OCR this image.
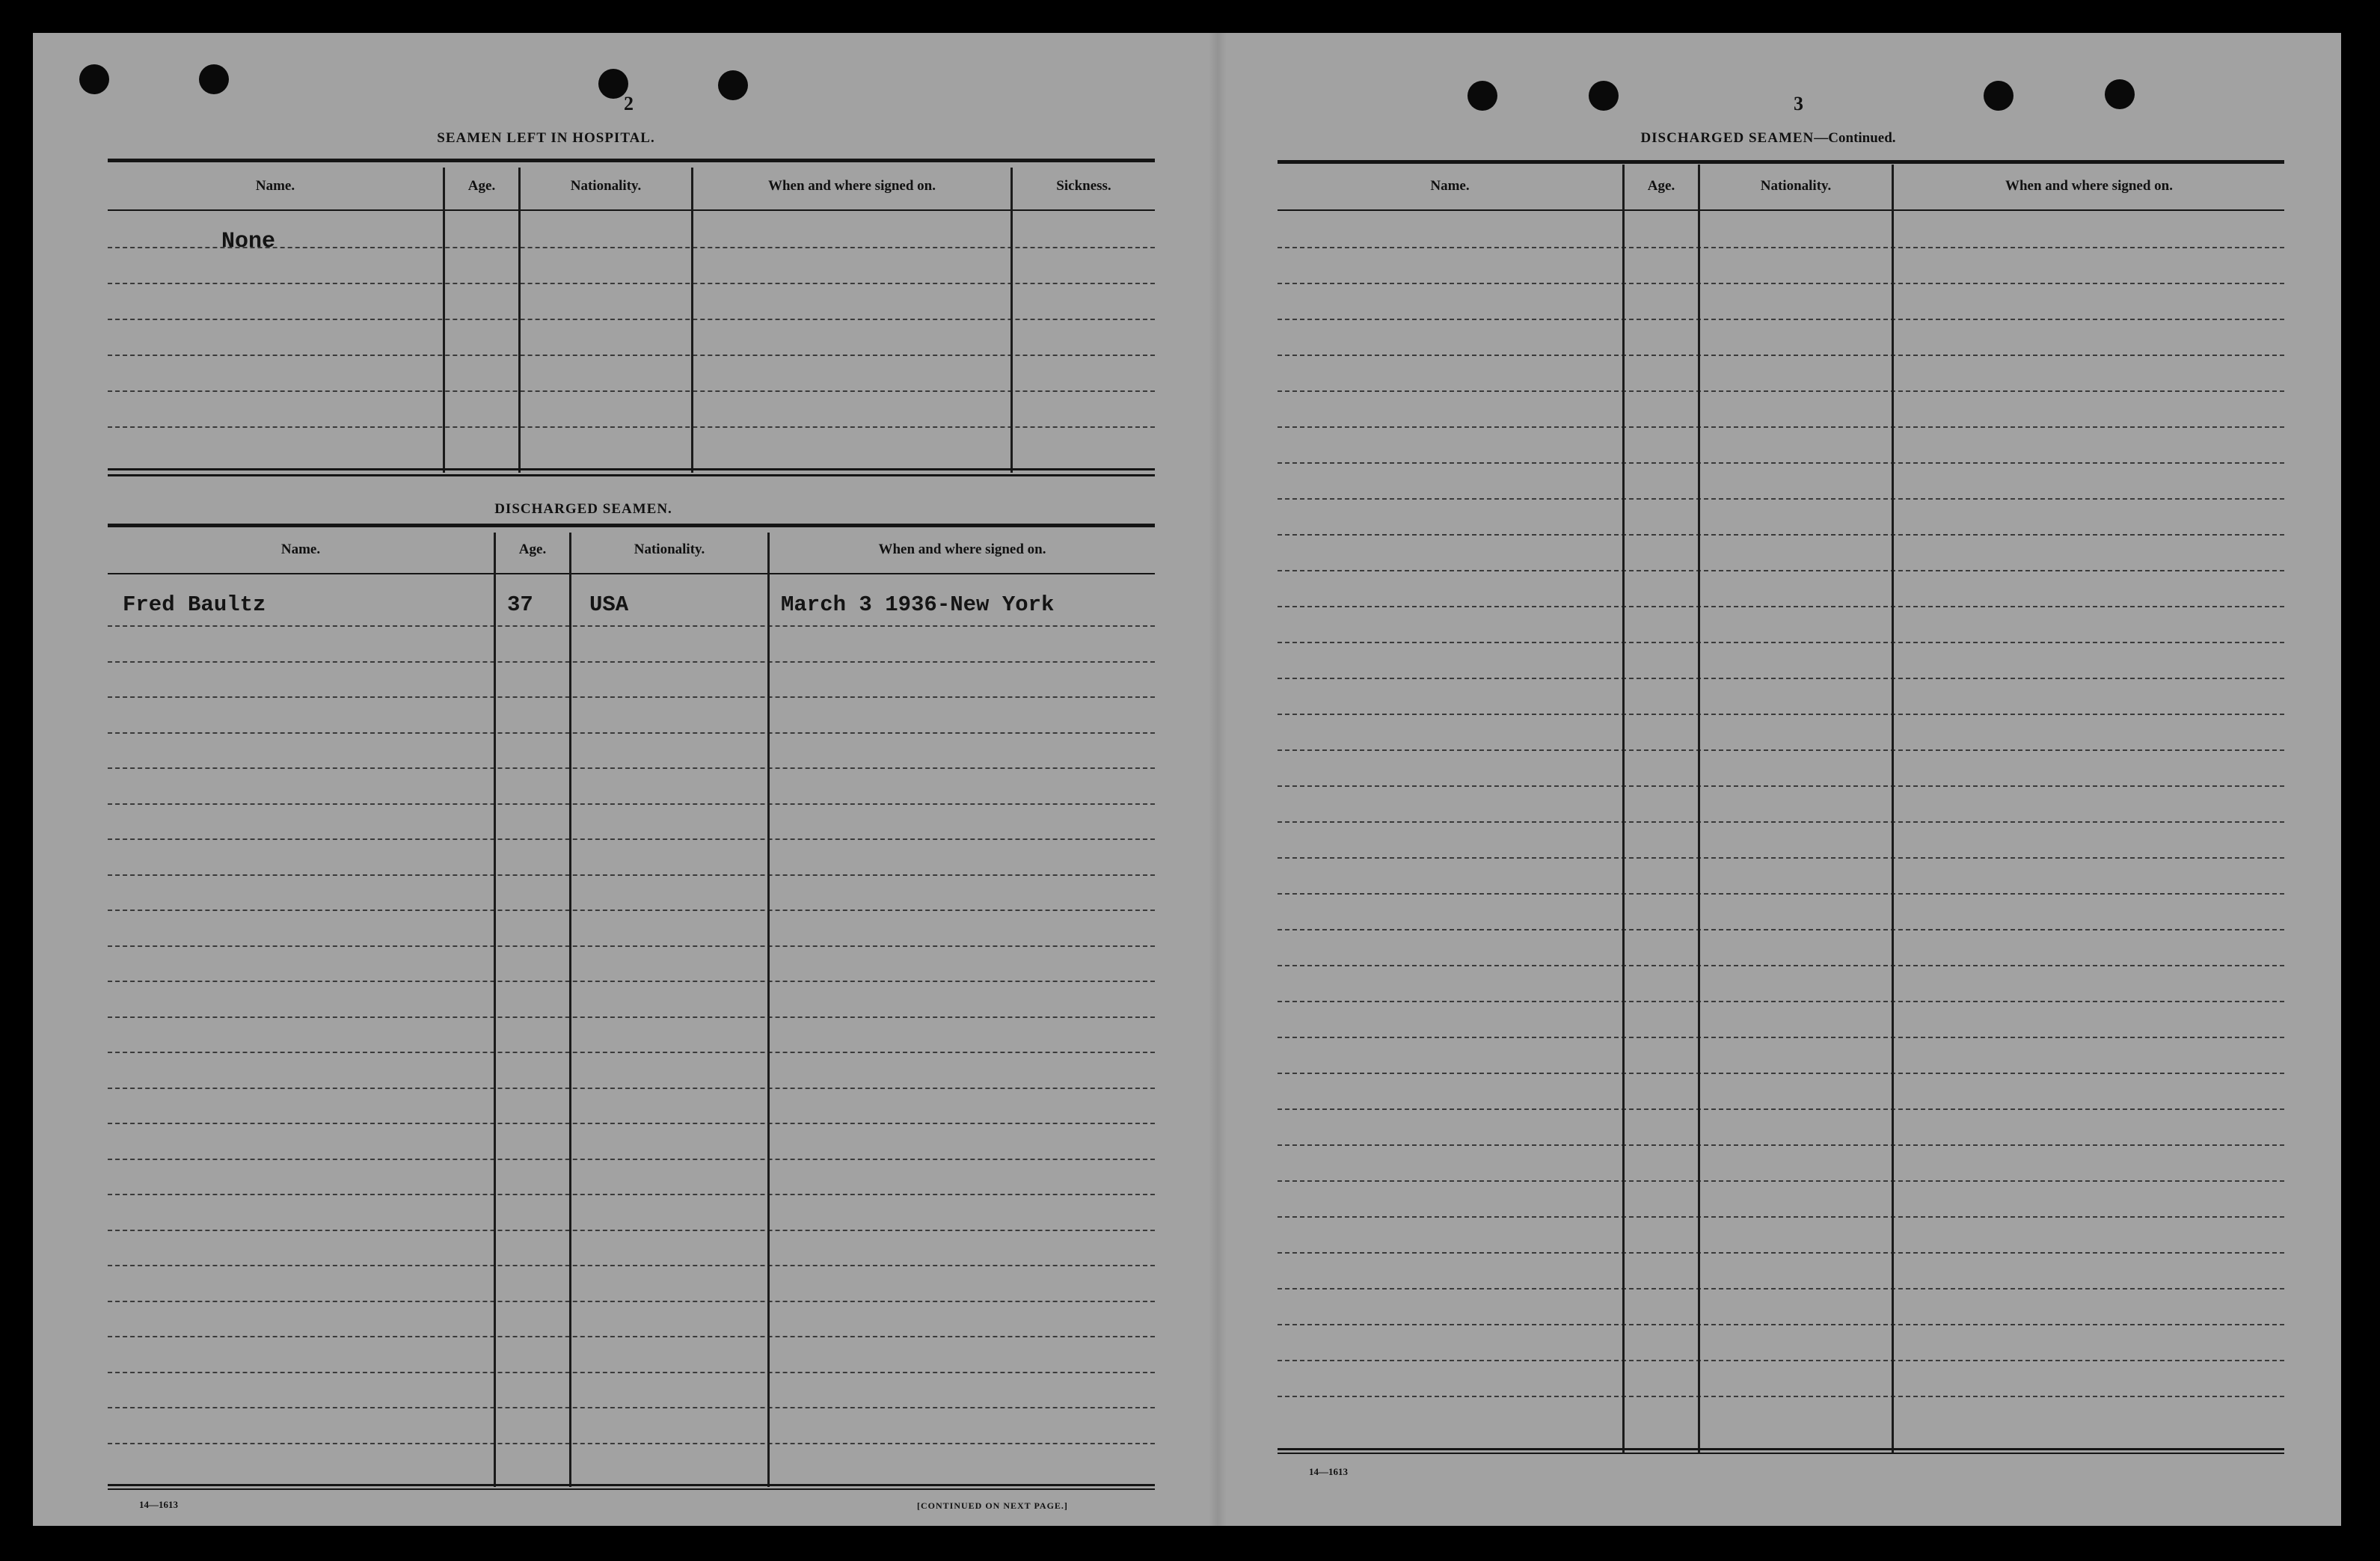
2
SEAMEN LEFT IN HOSPITAL.
Name.	Age.	Nationality.	When and where signed on.	Sickness.
None
DISCHARGED SEAMEN.
Name.	Age.	Nationality.	When and where signed on.
Fred Baultz	37	USA	March 3 1936-New York
14—1613	[CONTINUED ON NEXT PAGE.]
3
DISCHARGED SEAMEN—Continued.
Name.	Age.	Nationality.	When and where signed on.
14—1613
